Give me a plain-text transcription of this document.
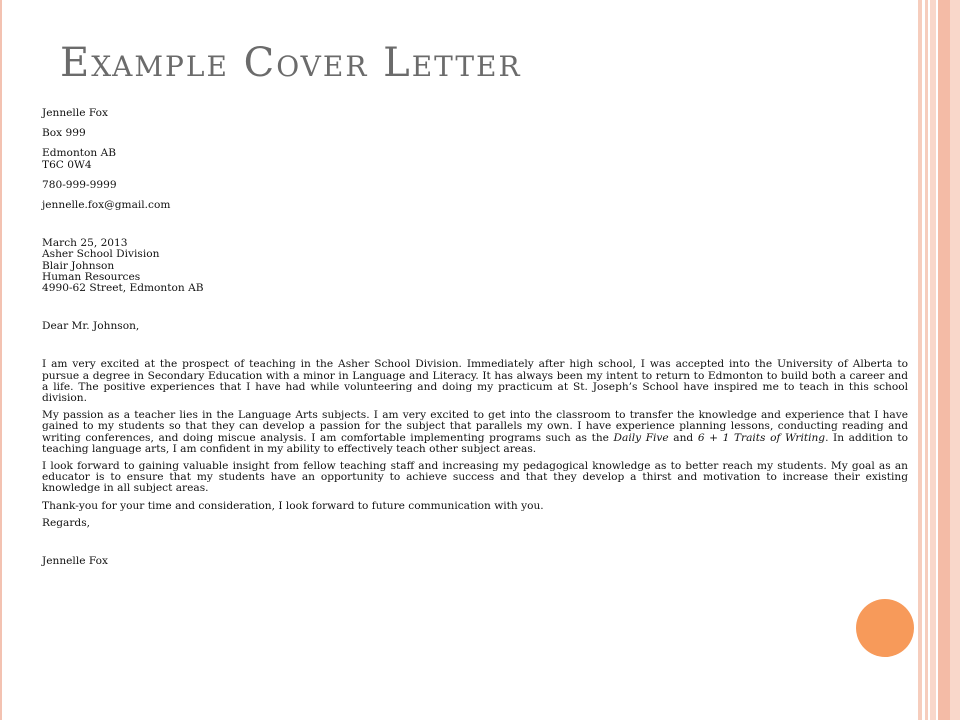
Example Cover Letter

Jennelle Fox

Box 999

Edmonton AB
T6C 0W4

780-999-9999

jennelle.fox@gmail.com

March 25, 2013

Asher School Division

Blair Johnson

Human Resources

4990-62 Street, Edmonton AB

Dear Mr. Johnson,

I am very excited at the prospect of teaching in the Asher School Division. Immediately after high school, I was accepted into the University of Alberta to pursue a degree in Secondary Education with a minor in Language and Literacy. It has always been my intent to return to Edmonton to build both a career and a life. The positive experiences that I have had while volunteering and doing my practicum at St. Joseph’s School have inspired me to teach in this school division.

My passion as a teacher lies in the Language Arts subjects. I am very excited to get into the classroom to transfer the knowledge and experience that I have gained to my students so that they can develop a passion for the subject that parallels my own. I have experience planning lessons, conducting reading and writing conferences, and doing miscue analysis. I am comfortable implementing programs such as the Daily Five and 6 + 1 Traits of Writing. In addition to teaching language arts, I am confident in my ability to effectively teach other subject areas.

I look forward to gaining valuable insight from fellow teaching staff and increasing my pedagogical knowledge as to better reach my students. My goal as an educator is to ensure that my students have an opportunity to achieve success and that they develop a thirst and motivation to increase their existing knowledge in all subject areas.

Thank-you for your time and consideration, I look forward to future communication with you.

Regards,

Jennelle Fox
